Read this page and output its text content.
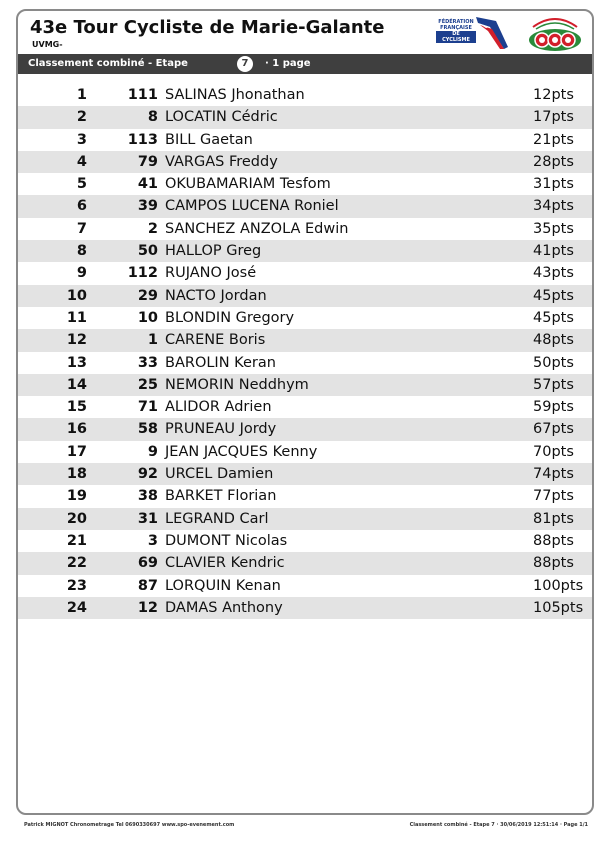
43e Tour Cycliste de Marie-Galante
UVMG-
FÉDÉRATION
FRANÇAISE
DE CYCLISME
Classement combiné - Etape	7	· 1 page
1	111 SALINAS Jhonathan	12pts
2	8 LOCATIN Cédric	17pts
3	113 BILL Gaetan	21pts
4	79 VARGAS Freddy	28pts
5	41 OKUBAMARIAM Tesfom	31pts
6	39 CAMPOS LUCENA Roniel	34pts
7	2 SANCHEZ ANZOLA Edwin	35pts
8	50 HALLOP Greg	41pts
9	112 RUJANO José	43pts
10	29 NACTO Jordan	45pts
11	10 BLONDIN Gregory	45pts
12	1 CARENE Boris	48pts
13	33 BAROLIN Keran	50pts
14	25 NEMORIN Neddhym	57pts
15	71 ALIDOR Adrien	59pts
16	58 PRUNEAU Jordy	67pts
17	9 JEAN JACQUES Kenny	70pts
18	92 URCEL Damien	74pts
19	38 BARKET Florian	77pts
20	31 LEGRAND Carl	81pts
21	3 DUMONT Nicolas	88pts
22	69 CLAVIER Kendric	88pts
23	87 LORQUIN Kenan	100pts
24	12 DAMAS Anthony	105pts
Patrick MIGNOT Chronometrage Tel 0690330697 www.spo-evenement.com	Classement combiné - Etape 7 · 30/06/2019 12:51:14 · Page 1/1
